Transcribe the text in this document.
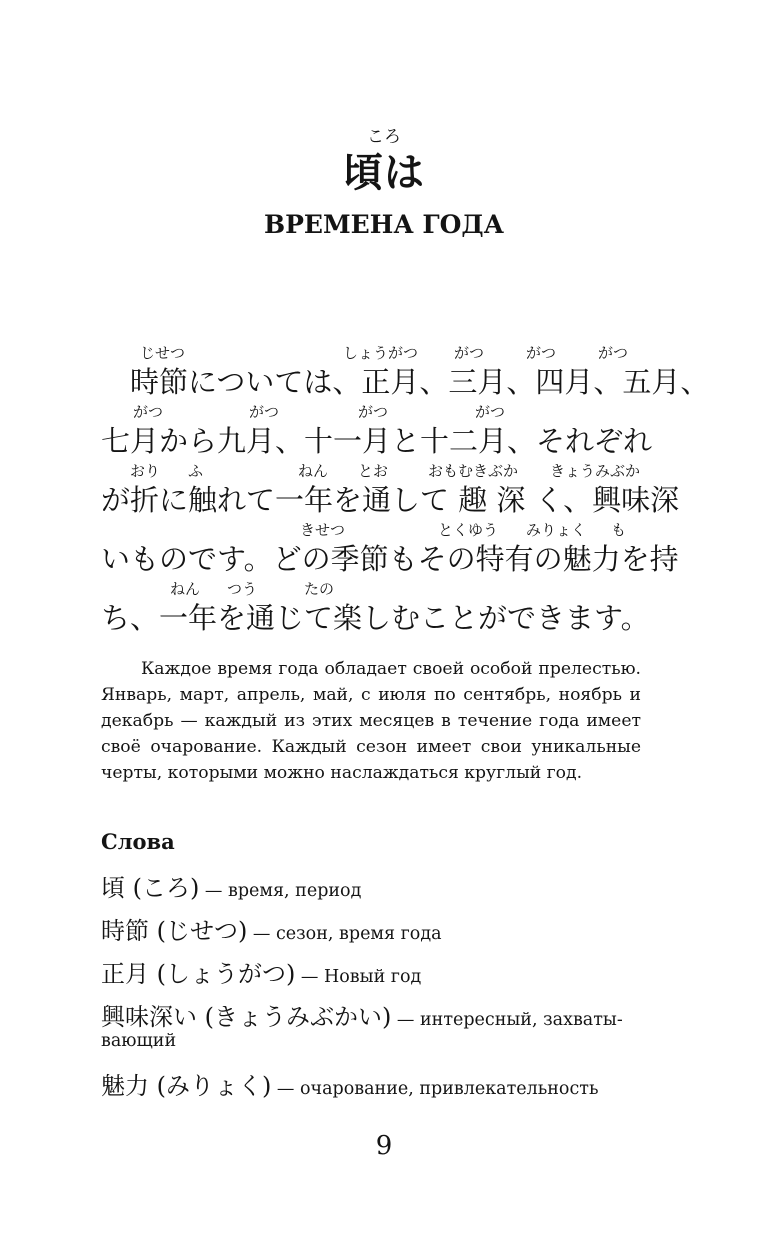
ころ
頃は
ВРЕМЕНА ГОДА
じせつ	しょうがつ がつ	がつ	がつ
　時節については、正月、三月、四月、五月、
がつ	がつ	がつ	がつ
七月から九月、十一月と十二月、それぞれ
おり ふ	ねん とお	おもむきぶか きょうみぶか
が折に触れて一年を通して 趣 深 く、興味深
きせつ	とくゆう みりょく も
いものです。どの季節もその特有の魅力を持
ねん つう	たの
ち、一年を通じて楽しむことができます。

Каждое время года обладает своей особой прелестью. Январь, март, апрель, май, с июля по сентябрь, ноябрь и декабрь — каждый из этих месяцев в течение года имеет своё очарование. Каждый сезон имеет свои уникальные черты, которыми можно наслаждаться круглый год.

Слова
頃 (ころ) — время, период
時節 (じせつ) — сезон, время года
正月 (しょうがつ) — Новый год
興味深い (きょうみぶかい) — интересный, захваты-
вающий
魅力 (みりょく) — очарование, привлекательность
9
